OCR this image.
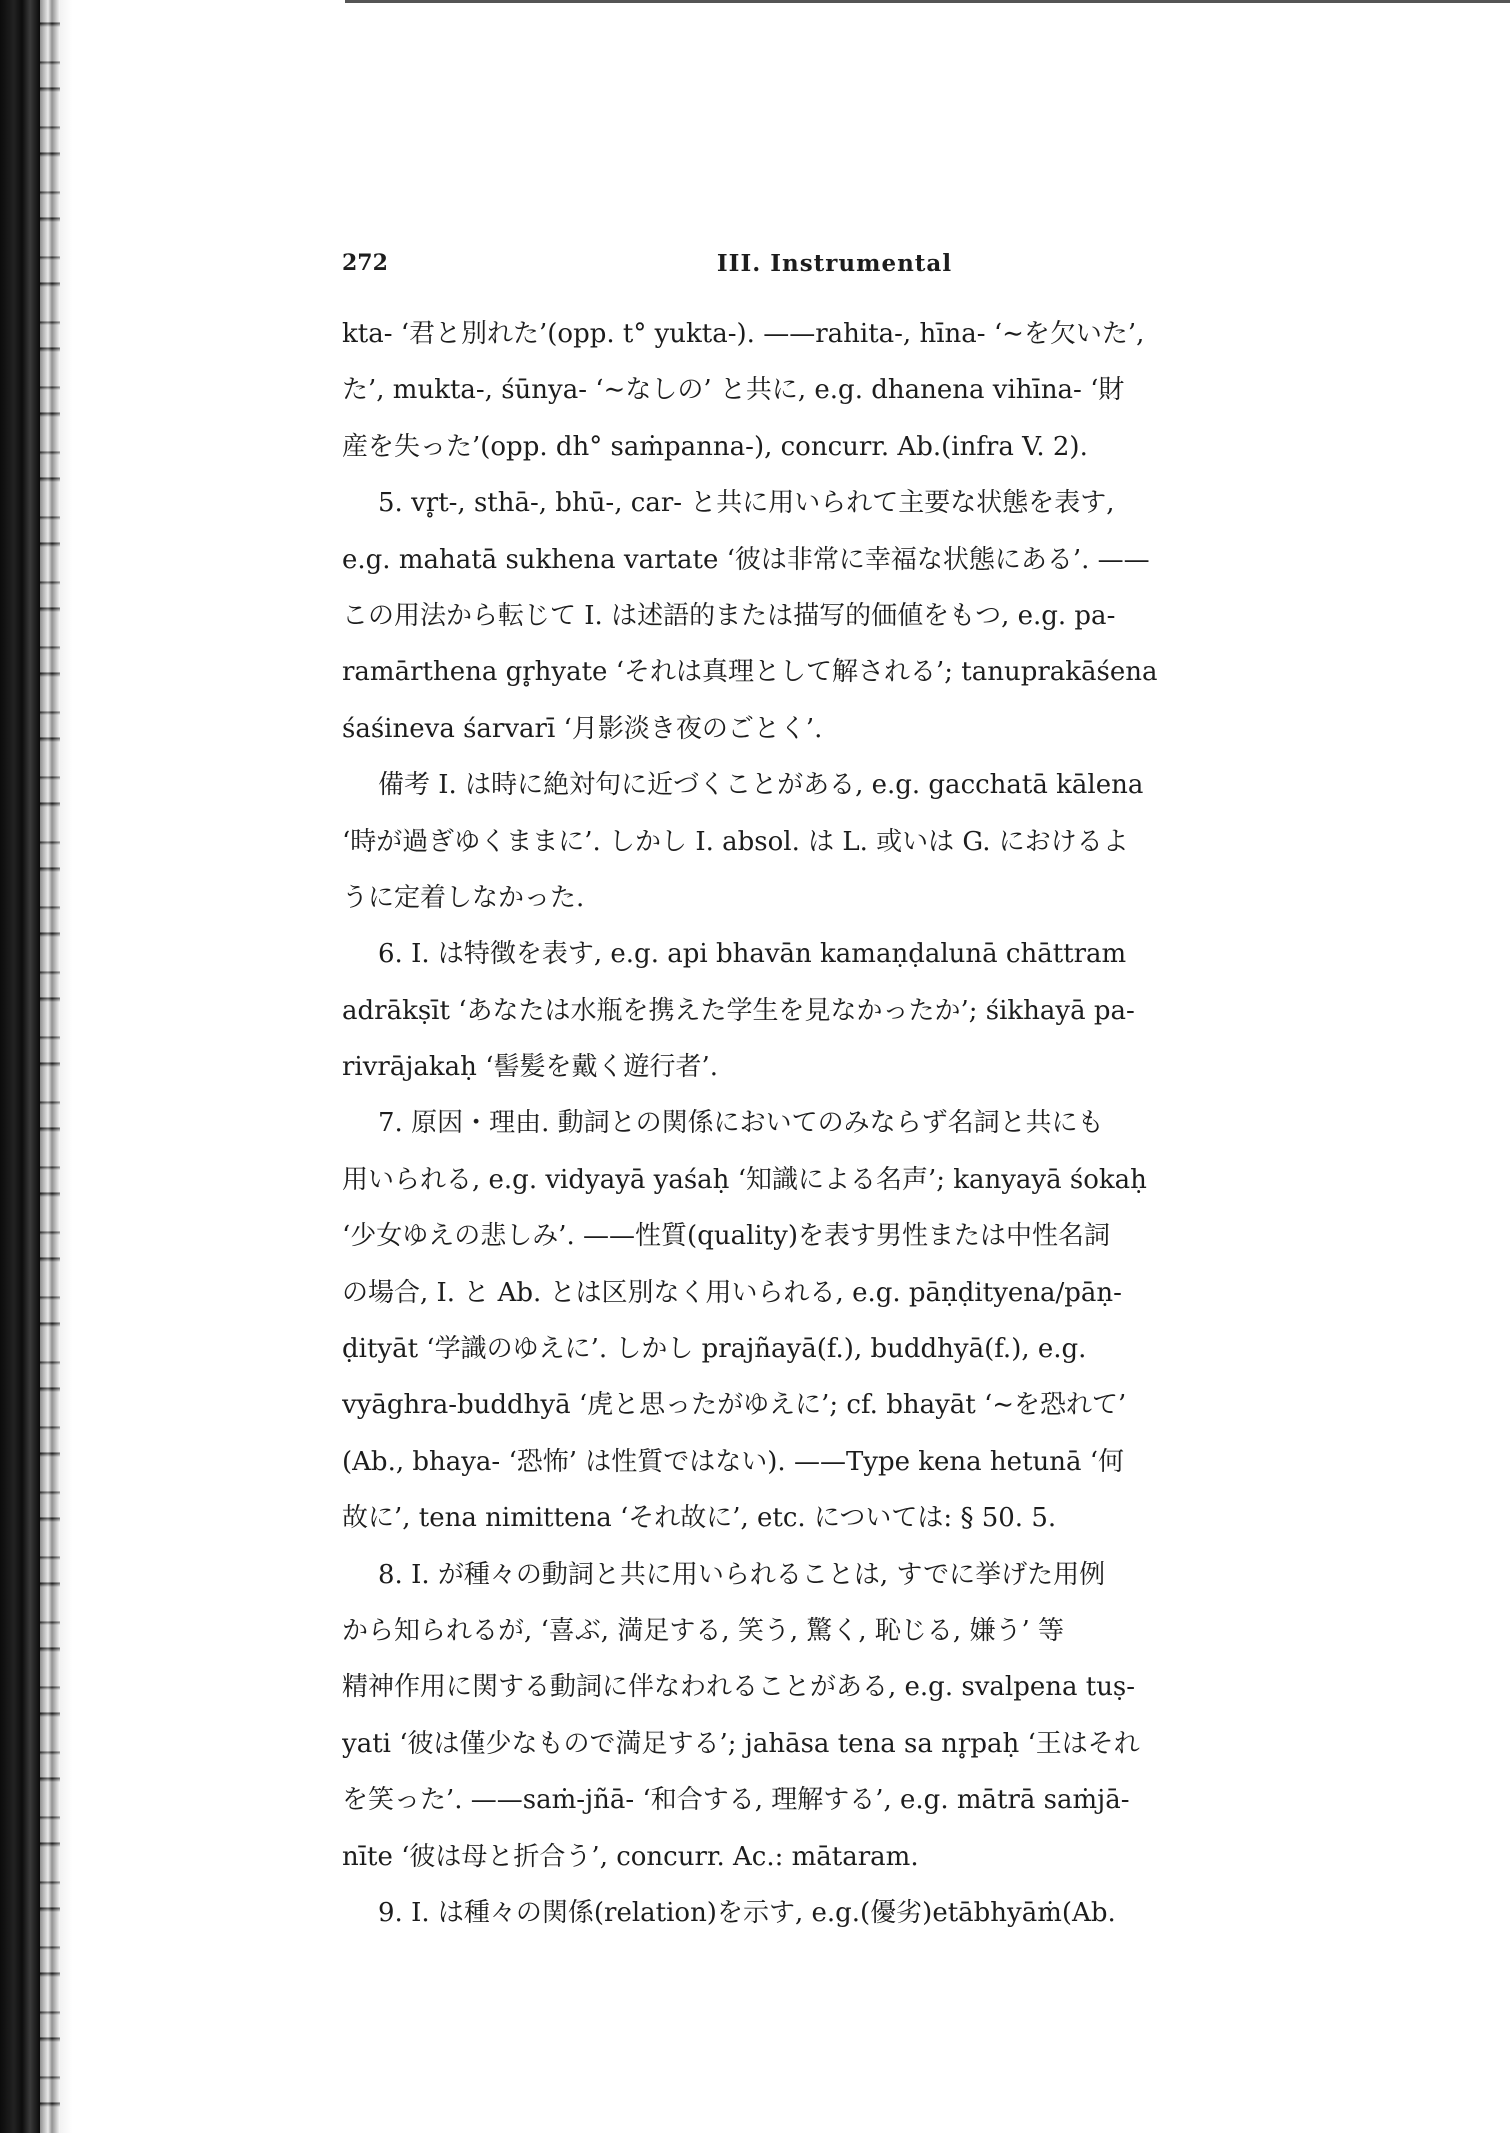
272	III. Instrumental
kta- ‘君と別れた’(opp. t° yukta-). ——rahita-, hīna- ‘∼を欠いた’,
た’, mukta-, śūnya- ‘∼なしの’ と共に, e.g. dhanena vihīna- ‘財
産を失った’(opp. dh° saṁpanna-), concurr. Ab.(infra V. 2).
5. vr̥t-, sthā-, bhū-, car- と共に用いられて主要な状態を表す,
e.g. mahatā sukhena vartate ‘彼は非常に幸福な状態にある’. ——
この用法から転じて I. は述語的または描写的価値をもつ, e.g. pa-
ramārthena gr̥hyate ‘それは真理として解される’; tanuprakāśena
śaśineva śarvarī ‘月影淡き夜のごとく’.
備考 I. は時に絶対句に近づくことがある, e.g. gacchatā kālena
‘時が過ぎゆくままに’. しかし I. absol. は L. 或いは G. におけるよ
うに定着しなかった.
6. I. は特徴を表す, e.g. api bhavān kamaṇḍalunā chāttram
adrākṣīt ‘あなたは水瓶を携えた学生を見なかったか’; śikhayā pa-
rivrājakaḥ ‘髻髪を戴く遊行者’.
7. 原因・理由. 動詞との関係においてのみならず名詞と共にも
用いられる, e.g. vidyayā yaśaḥ ‘知識による名声’; kanyayā śokaḥ
‘少女ゆえの悲しみ’. ——性質(quality)を表す男性または中性名詞
の場合, I. と Ab. とは区別なく用いられる, e.g. pāṇḍityena/pāṇ-
ḍityāt ‘学識のゆえに’. しかし prajñayā(f.), buddhyā(f.), e.g.
vyāghra-buddhyā ‘虎と思ったがゆえに’; cf. bhayāt ‘∼を恐れて’
(Ab., bhaya- ‘恐怖’ は性質ではない). ——Type kena hetunā ‘何
故に’, tena nimittena ‘それ故に’, etc. については: § 50. 5.
8. I. が種々の動詞と共に用いられることは, すでに挙げた用例
から知られるが, ‘喜ぶ, 満足する, 笑う, 驚く, 恥じる, 嫌う’ 等
精神作用に関する動詞に伴なわれることがある, e.g. svalpena tuṣ-
yati ‘彼は僅少なもので満足する’; jahāsa tena sa nr̥paḥ ‘王はそれ
を笑った’. ——saṁ-jñā- ‘和合する, 理解する’, e.g. mātrā saṁjā-
nīte ‘彼は母と折合う’, concurr. Ac.: mātaram.
9. I. は種々の関係(relation)を示す, e.g.(優劣)etābhyāṁ(Ab.
